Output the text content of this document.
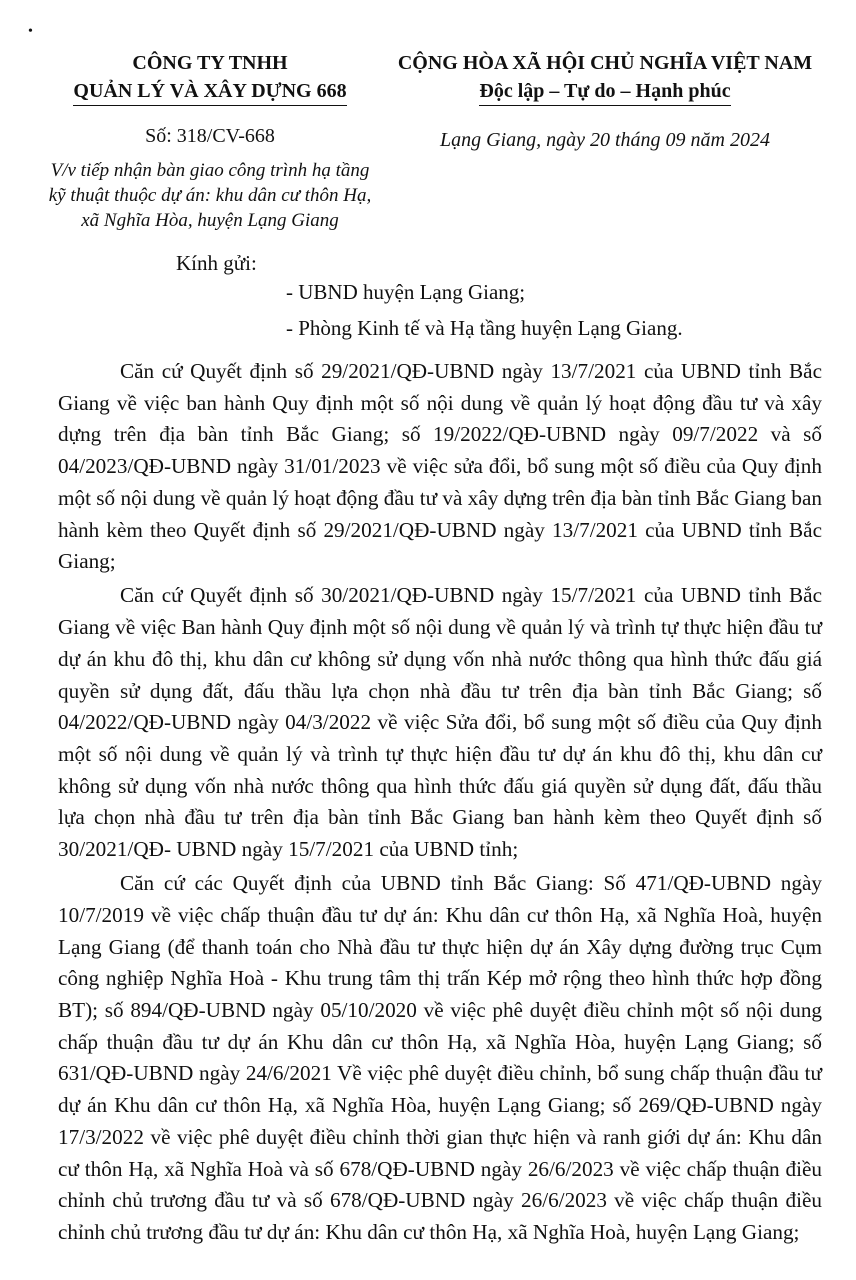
•
CÔNG TY TNHH
QUẢN LÝ VÀ XÂY DỰNG 668
Số: 318/CV-668
V/v tiếp nhận bàn giao công trình hạ tầng kỹ thuật thuộc dự án: khu dân cư thôn Hạ, xã Nghĩa Hòa, huyện Lạng Giang
CỘNG HÒA XÃ HỘI CHỦ NGHĨA VIỆT NAM
Độc lập – Tự do – Hạnh phúc
Lạng Giang, ngày 20 tháng 09 năm 2024
Kính gửi:
- UBND huyện Lạng Giang;
- Phòng Kinh tế và Hạ tầng huyện Lạng Giang.

Căn cứ Quyết định số 29/2021/QĐ-UBND ngày 13/7/2021 của UBND tỉnh Bắc Giang về việc ban hành Quy định một số nội dung về quản lý hoạt động đầu tư và xây dựng trên địa bàn tỉnh Bắc Giang; số 19/2022/QĐ-UBND ngày 09/7/2022 và số 04/2023/QĐ-UBND ngày 31/01/2023 về việc sửa đổi, bổ sung một số điều của Quy định một số nội dung về quản lý hoạt động đầu tư và xây dựng trên địa bàn tỉnh Bắc Giang ban hành kèm theo Quyết định số 29/2021/QĐ-UBND ngày 13/7/2021 của UBND tỉnh Bắc Giang;

Căn cứ Quyết định số 30/2021/QĐ-UBND ngày 15/7/2021 của UBND tỉnh Bắc Giang về việc Ban hành Quy định một số nội dung về quản lý và trình tự thực hiện đầu tư dự án khu đô thị, khu dân cư không sử dụng vốn nhà nước thông qua hình thức đấu giá quyền sử dụng đất, đấu thầu lựa chọn nhà đầu tư trên địa bàn tỉnh Bắc Giang; số 04/2022/QĐ-UBND ngày 04/3/2022 về việc Sửa đổi, bổ sung một số điều của Quy định một số nội dung về quản lý và trình tự thực hiện đầu tư dự án khu đô thị, khu dân cư không sử dụng vốn nhà nước thông qua hình thức đấu giá quyền sử dụng đất, đấu thầu lựa chọn nhà đầu tư trên địa bàn tỉnh Bắc Giang ban hành kèm theo Quyết định số 30/2021/QĐ- UBND ngày 15/7/2021 của UBND tỉnh;

Căn cứ các Quyết định của UBND tỉnh Bắc Giang: Số 471/QĐ-UBND ngày 10/7/2019 về việc chấp thuận đầu tư dự án: Khu dân cư thôn Hạ, xã Nghĩa Hoà, huyện Lạng Giang (để thanh toán cho Nhà đầu tư thực hiện dự án Xây dựng đường trục Cụm công nghiệp Nghĩa Hoà - Khu trung tâm thị trấn Kép mở rộng theo hình thức hợp đồng BT); số 894/QĐ-UBND ngày 05/10/2020 về việc phê duyệt điều chỉnh một số nội dung chấp thuận đầu tư dự án Khu dân cư thôn Hạ, xã Nghĩa Hòa, huyện Lạng Giang; số 631/QĐ-UBND ngày 24/6/2021 Về việc phê duyệt điều chỉnh, bổ sung chấp thuận đầu tư dự án Khu dân cư thôn Hạ, xã Nghĩa Hòa, huyện Lạng Giang; số 269/QĐ-UBND ngày 17/3/2022 về việc phê duyệt điều chỉnh thời gian thực hiện và ranh giới dự án: Khu dân cư thôn Hạ, xã Nghĩa Hoà và số 678/QĐ-UBND ngày 26/6/2023 về việc chấp thuận điều chỉnh chủ trương đầu tư và số 678/QĐ-UBND ngày 26/6/2023 về việc chấp thuận điều chỉnh chủ trương đầu tư dự án: Khu dân cư thôn Hạ, xã Nghĩa Hoà, huyện Lạng Giang;
